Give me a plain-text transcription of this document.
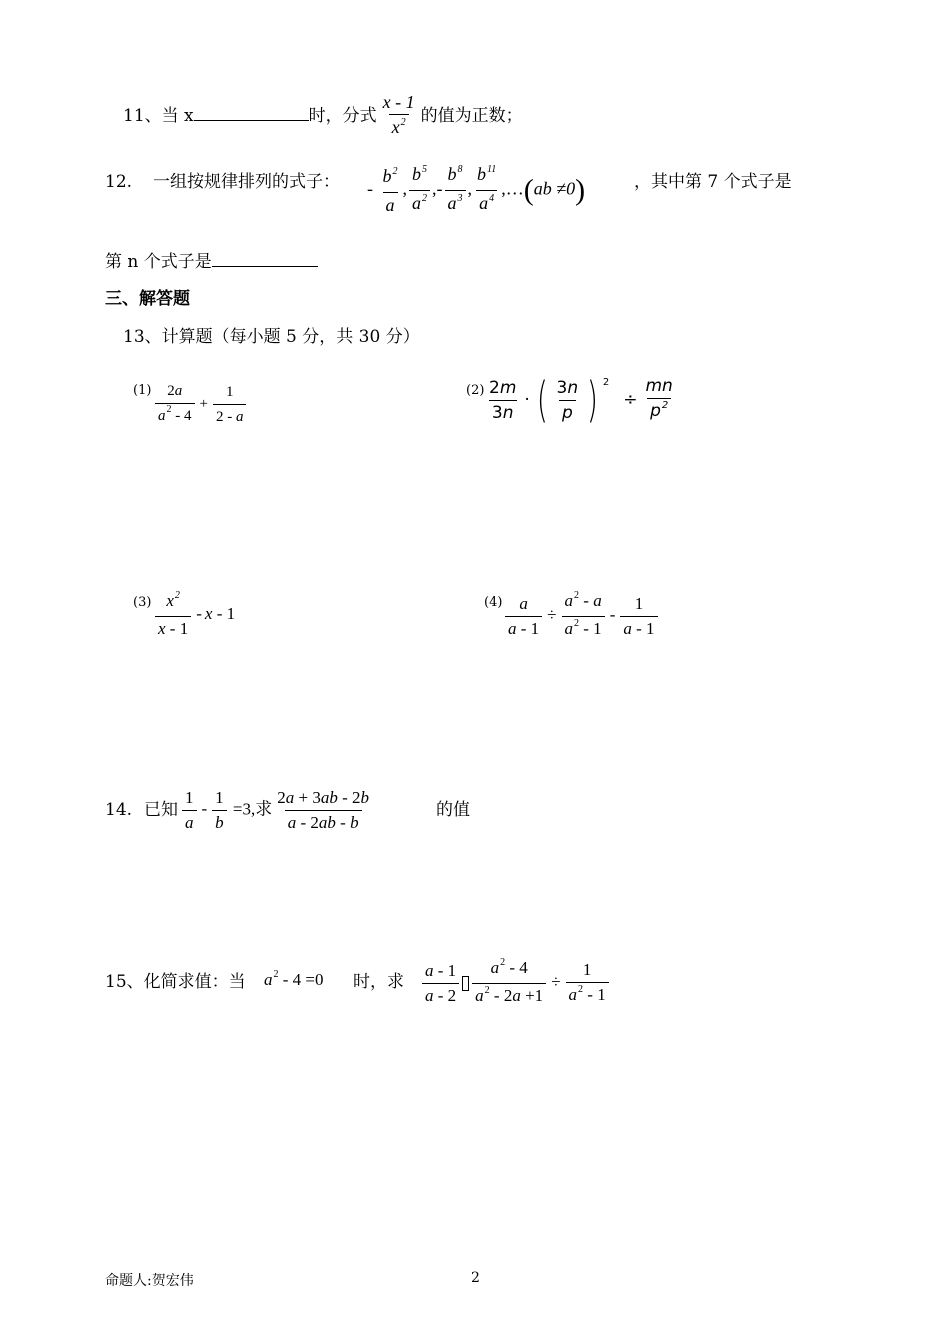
11、当 x	时，分式 $\frac{x - 1}{x^2}$ 的值为正数；
12. 一组按规律排列的式子： - $\frac{b^2}{a}$ , $\frac{b^5}{a^2}$ ,- $\frac{b^8}{a^3}$ , $\frac{b^{11}}{a^4}$ ,…(ab ≠0)	，其中第 7 个式子是
第 n 个式子是
三、解答题
13、计算题（每小题 5 分，共 30 分）
$(1) \frac{2a}{a^2 - 4} + \frac{1}{2 - a}$	$(2) \frac{2m}{3n}$ · ( $\frac{3n}{p}$ ) $^2\div \frac{mn}{p^2}$
$(3) \frac{x^2}{x - 1}$ - x - 1
$(4) \frac{a}{a - 1} \div \frac{a^2 - a}{a^2 - 1} - \frac{1}{a - 1}$
14. 已知 $\frac{1}{a} - \frac{1}{b} =3$,求 $\frac{2a + 3ab - 2b}{a - 2ab - b}$	的值
15、化简求值：当 $a^2 - 4 =0$ 时，求 $\frac{a - 1}{a - 2} \frac{a^2 - 4}{a^2 - 2a +1} \div \frac{1}{a^2 - 1}$
命题人:贺宏伟	2
